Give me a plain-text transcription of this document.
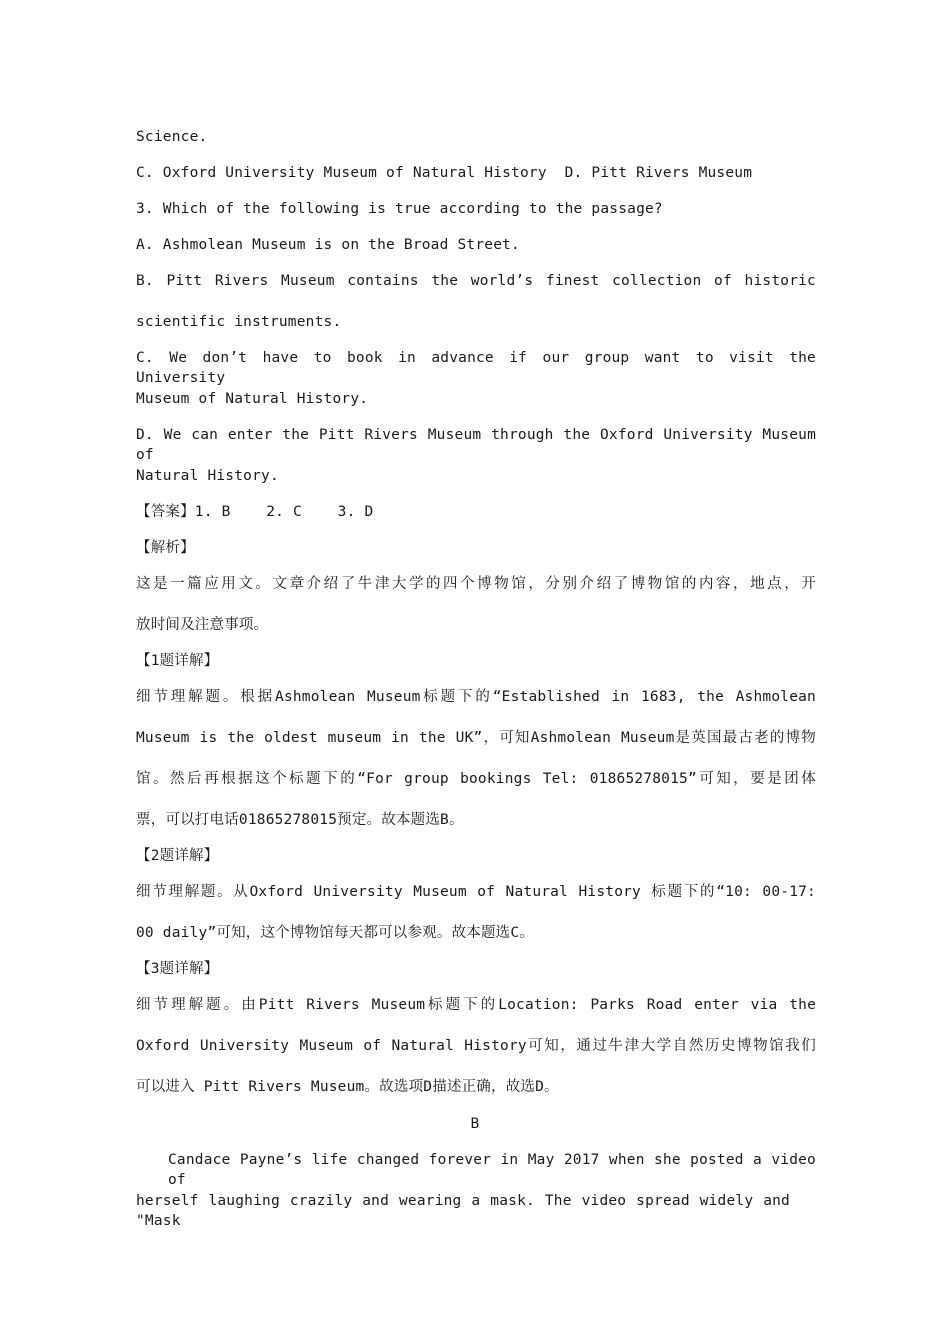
Science.
C. Oxford University Museum of Natural History  D. Pitt Rivers Museum
3. Which of the following is true according to the passage?
A. Ashmolean Museum is on the Broad Street.
B. Pitt Rivers Museum contains the world’s finest collection of historic
scientific instruments.
C. We don’t have to book in advance if our group want to visit the University
Museum of Natural History.
D. We can enter the Pitt Rivers Museum through the Oxford University Museum of
Natural History.
【答案】1. B    2. C    3. D
【解析】
这是一篇应用文。文章介绍了牛津大学的四个博物馆，分别介绍了博物馆的内容，地点，开
放时间及注意事项。
【1题详解】
细节理解题。根据Ashmolean Museum标题下的“Established in 1683, the Ashmolean
Museum is the oldest museum in the UK”，可知Ashmolean Museum是英国最古老的博物
馆。然后再根据这个标题下的“For group bookings Tel: 01865278015”可知，要是团体
票，可以打电话01865278015预定。故本题选B。
【2题详解】
细节理解题。从Oxford University Museum of Natural History 标题下的“10: 00-17:
00 daily”可知，这个博物馆每天都可以参观。故本题选C。
【3题详解】
细节理解题。由Pitt Rivers Museum标题下的Location: Parks Road enter via the
Oxford University Museum of Natural History可知，通过牛津大学自然历史博物馆我们
可以进入 Pitt Rivers Museum。故选项D描述正确，故选D。
B
Candace Payne’s life changed forever in May 2017 when she posted a video of
herself laughing crazily and wearing a mask. The video spread widely and "Mask
